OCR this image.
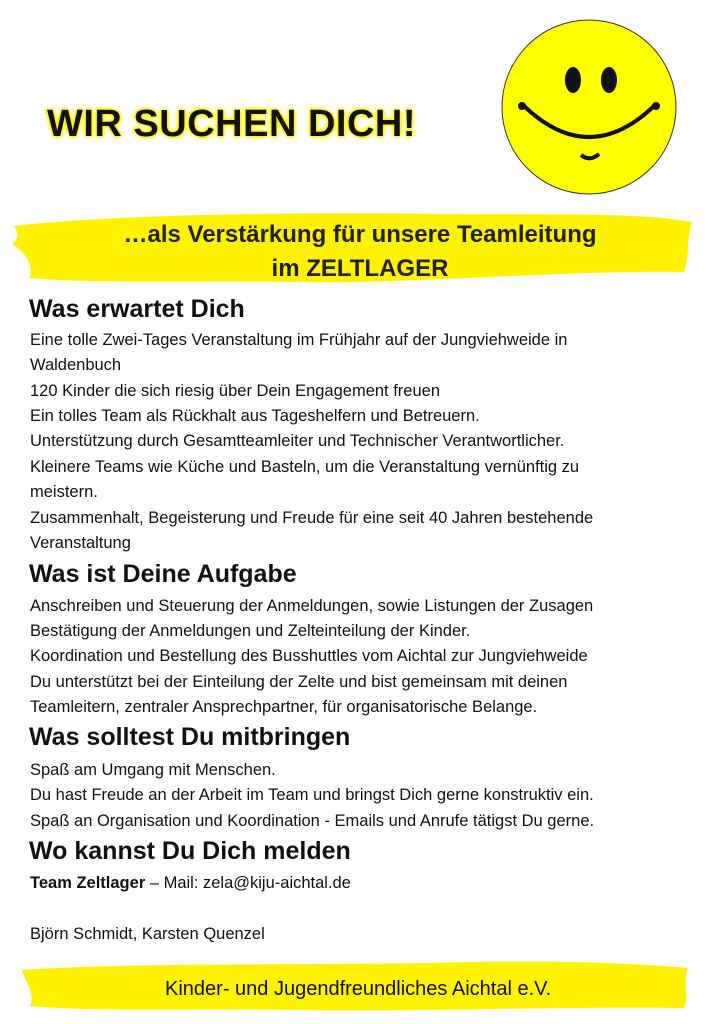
WIR SUCHEN DICH!
…als Verstärkung für unsere Teamleitung
im ZELTLAGER
Was erwartet Dich
Eine tolle Zwei-Tages Veranstaltung im Frühjahr auf der Jungviehweide in
Waldenbuch
120 Kinder die sich riesig über Dein Engagement freuen
Ein tolles Team als Rückhalt aus Tageshelfern und Betreuern.
Unterstützung durch Gesamtteamleiter und Technischer Verantwortlicher.
Kleinere Teams wie Küche und Basteln, um die Veranstaltung vernünftig zu
meistern.
Zusammenhalt, Begeisterung und Freude für eine seit 40 Jahren bestehende
Veranstaltung
Was ist Deine Aufgabe
Anschreiben und Steuerung der Anmeldungen, sowie Listungen der Zusagen
Bestätigung der Anmeldungen und Zelteinteilung der Kinder.
Koordination und Bestellung des Busshuttles vom Aichtal zur Jungviehweide
Du unterstützt bei der Einteilung der Zelte und bist gemeinsam mit deinen
Teamleitern, zentraler Ansprechpartner, für organisatorische Belange.
Was solltest Du mitbringen
Spaß am Umgang mit Menschen.
Du hast Freude an der Arbeit im Team und bringst Dich gerne konstruktiv ein.
Spaß an Organisation und Koordination - Emails und Anrufe tätigst Du gerne.
Wo kannst Du Dich melden
Team Zeltlager – Mail: zela@kiju-aichtal.de
Björn Schmidt, Karsten Quenzel
Kinder- und Jugendfreundliches Aichtal e.V.
